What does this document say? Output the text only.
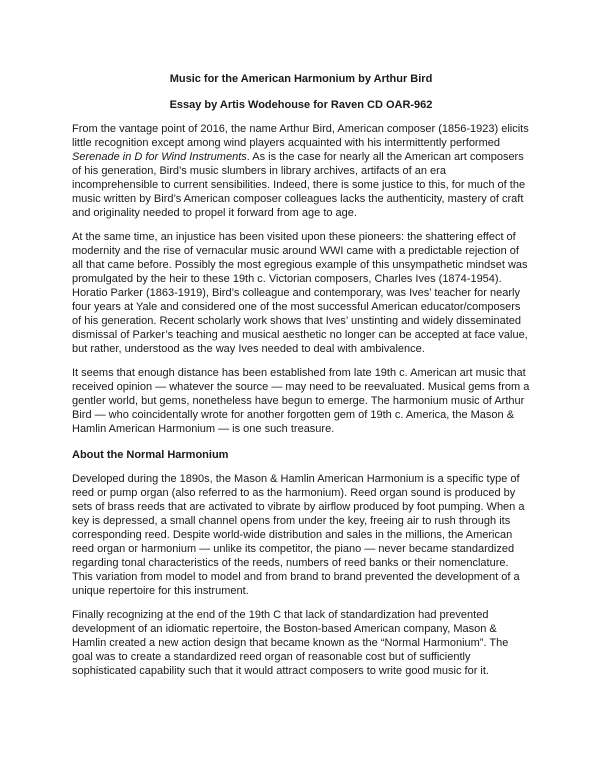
Music for the American Harmonium by Arthur Bird
Essay by Artis Wodehouse for Raven CD OAR-962

From the vantage point of 2016, the name Arthur Bird, American composer (1856-1923) elicits little recognition except among wind players acquainted with his intermittently performed Serenade in D for Wind Instruments. As is the case for nearly all the American art composers of his generation, Bird’s music slumbers in library archives, artifacts of an era incomprehensible to current sensibilities. Indeed, there is some justice to this, for much of the music written by Bird’s American composer colleagues lacks the authenticity, mastery of craft and originality needed to propel it forward from age to age.

At the same time, an injustice has been visited upon these pioneers: the shattering effect of modernity and the rise of vernacular music around WWI came with a predictable rejection of all that came before. Possibly the most egregious example of this unsympathetic mindset was promulgated by the heir to these 19th c. Victorian composers, Charles Ives (1874-1954). Horatio Parker (1863-1919), Bird’s colleague and contemporary, was Ives’ teacher for nearly four years at Yale and considered one of the most successful American educator/composers of his generation. Recent scholarly work shows that Ives’ unstinting and widely disseminated dismissal of Parker’s teaching and musical aesthetic no longer can be accepted at face value, but rather, understood as the way Ives needed to deal with ambivalence.

It seems that enough distance has been established from late 19th c. American art music that received opinion — whatever the source — may need to be reevaluated. Musical gems from a gentler world, but gems, nonetheless have begun to emerge. The harmonium music of Arthur Bird — who coincidentally wrote for another forgotten gem of 19th c. America, the Mason & Hamlin American Harmonium — is one such treasure.

About the Normal Harmonium

Developed during the 1890s, the Mason & Hamlin American Harmonium is a specific type of reed or pump organ (also referred to as the harmonium). Reed organ sound is produced by sets of brass reeds that are activated to vibrate by airflow produced by foot pumping. When a key is depressed, a small channel opens from under the key, freeing air to rush through its corresponding reed. Despite world-wide distribution and sales in the millions, the American reed organ or harmonium — unlike its competitor, the piano — never became standardized regarding tonal characteristics of the reeds, numbers of reed banks or their nomenclature. This variation from model to model and from brand to brand prevented the development of a unique repertoire for this instrument.

Finally recognizing at the end of the 19th C that lack of standardization had prevented development of an idiomatic repertoire, the Boston-based American company, Mason & Hamlin created a new action design that became known as the “Normal Harmonium”. The goal was to create a standardized reed organ of reasonable cost but of sufficiently sophisticated capability such that it would attract composers to write good music for it.
